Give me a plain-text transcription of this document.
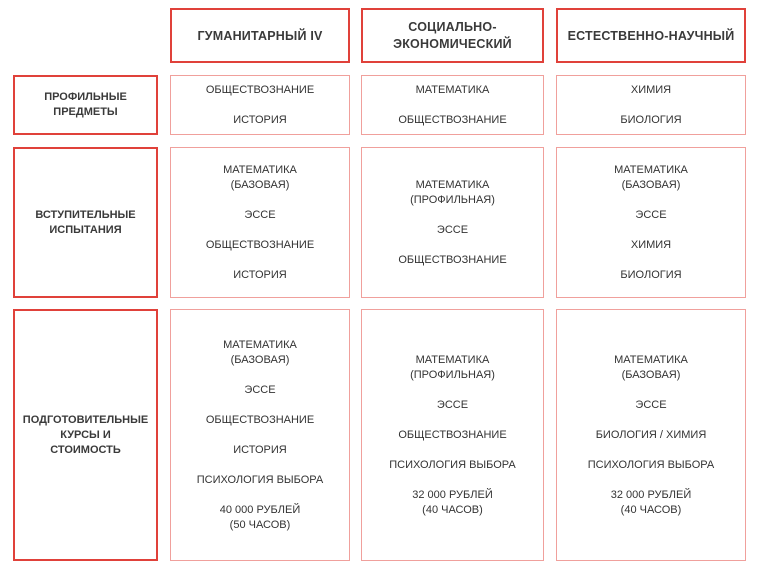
ГУМАНИТАРНЫЙ IV
СОЦИАЛЬНО-
ЭКОНОМИЧЕСКИЙ
ЕСТЕСТВЕННО-НАУЧНЫЙ
ПРОФИЛЬНЫЕ
ПРЕДМЕТЫ
ВСТУПИТЕЛЬНЫЕ
ИСПЫТАНИЯ
ПОДГОТОВИТЕЛЬНЫЕ
КУРСЫ И
СТОИМОСТЬ
ОБЩЕСТВОЗНАНИЕ
ИСТОРИЯ
МАТЕМАТИКА
ОБЩЕСТВОЗНАНИЕ
ХИМИЯ
БИОЛОГИЯ
МАТЕМАТИКА
(БАЗОВАЯ)
ЭССЕ
ОБЩЕСТВОЗНАНИЕ
ИСТОРИЯ
МАТЕМАТИКА
(ПРОФИЛЬНАЯ)
ЭССЕ
ОБЩЕСТВОЗНАНИЕ
МАТЕМАТИКА
(БАЗОВАЯ)
ЭССЕ
ХИМИЯ
БИОЛОГИЯ
МАТЕМАТИКА
(БАЗОВАЯ)
ЭССЕ
ОБЩЕСТВОЗНАНИЕ
ИСТОРИЯ
ПСИХОЛОГИЯ ВЫБОРА
40 000 РУБЛЕЙ
(50 ЧАСОВ)
МАТЕМАТИКА
(ПРОФИЛЬНАЯ)
ЭССЕ
ОБЩЕСТВОЗНАНИЕ
ПСИХОЛОГИЯ ВЫБОРА
32 000 РУБЛЕЙ
(40 ЧАСОВ)
МАТЕМАТИКА
(БАЗОВАЯ)
ЭССЕ
БИОЛОГИЯ / ХИМИЯ
ПСИХОЛОГИЯ ВЫБОРА
32 000 РУБЛЕЙ
(40 ЧАСОВ)
